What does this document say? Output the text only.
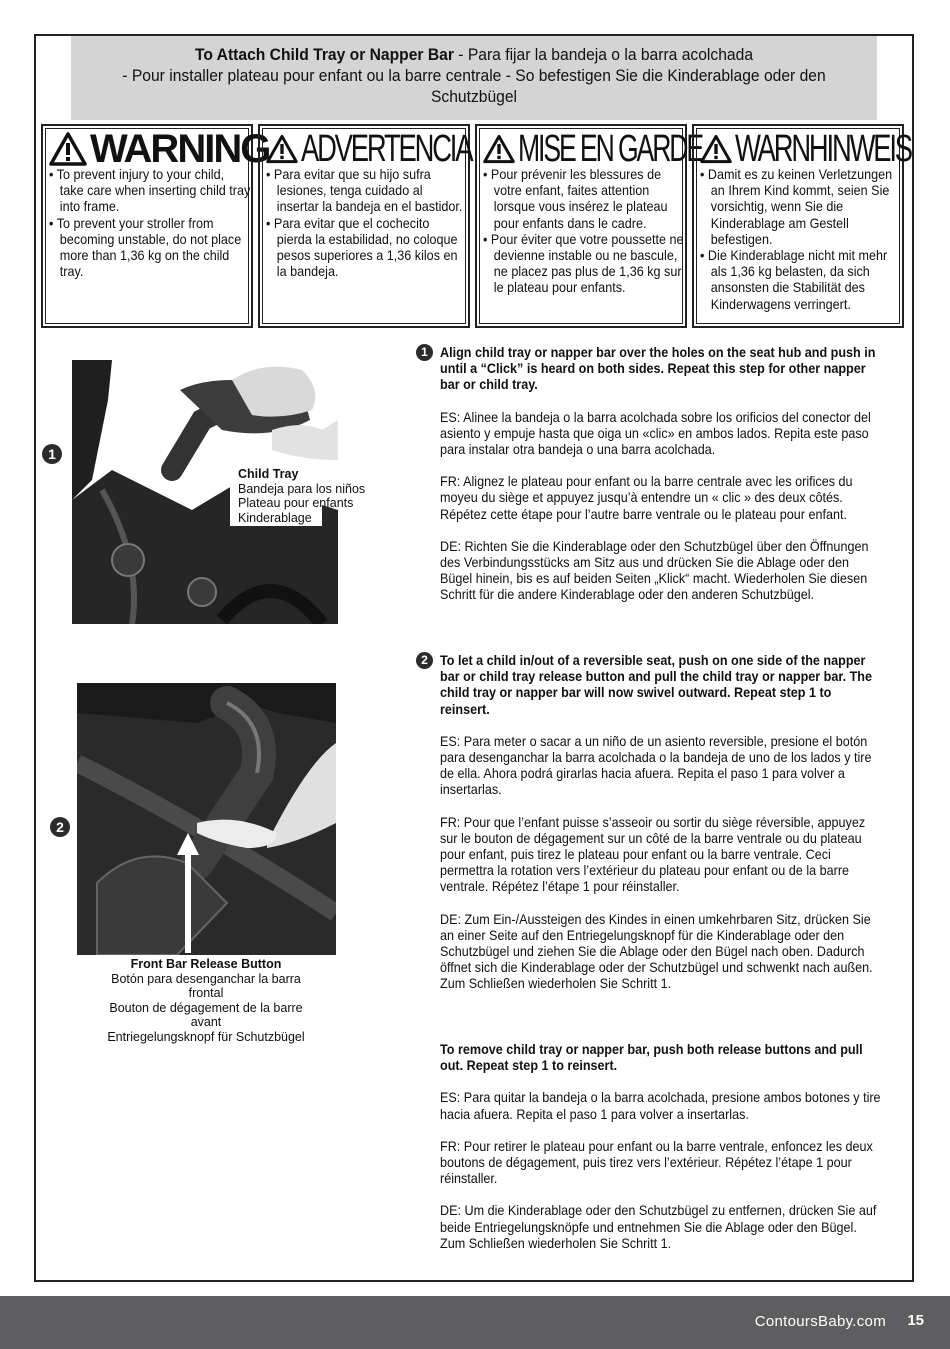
To Attach Child Tray or Napper Bar - Para fijar la bandeja o la barra acolchada
- Pour installer plateau pour enfant ou la barre centrale - So befestigen Sie die Kinderablage oder den
Schutzbügel
WARNING
• To prevent injury to your child, take care when inserting child tray into frame.
• To prevent your stroller from becoming unstable, do not place more than 1,36 kg on the child tray.
ADVERTENCIA
• Para evitar que su hijo sufra lesiones, tenga cuidado al insertar la bandeja en el bastidor.
• Para evitar que el cochecito pierda la estabilidad, no coloque pesos superiores a 1,36 kilos en la bandeja.
MISE EN GARDE
• Pour prévenir les blessures de votre enfant, faites attention lorsque vous insérez le plateau pour enfants dans le cadre.
• Pour éviter que votre poussette ne devienne instable ou ne bascule, ne placez pas plus de 1,36 kg sur le plateau pour enfants.
WARNHINWEIS
• Damit es zu keinen Verletzungen an Ihrem Kind kommt, seien Sie vorsichtig, wenn Sie die Kinderablage am Gestell befestigen.
• Die Kinderablage nicht mit mehr als 1,36 kg belasten, da sich ansonsten die Stabilität des Kinderwagens verringert.
1
Child Tray
Bandeja para los niños
Plateau pour enfants
Kinderablage
1 Align child tray or napper bar over the holes on the seat hub and push in until a “Click” is heard on both sides. Repeat this step for other napper bar or child tray.

ES: Alinee la bandeja o la barra acolchada sobre los orificios del conector del asiento y empuje hasta que oiga un «clic» en ambos lados. Repita este paso para instalar otra bandeja o una barra acolchada.

FR: Alignez le plateau pour enfant ou la barre centrale avec les orifices du moyeu du siège et appuyez jusqu’à entendre un « clic » des deux côtés. Répétez cette étape pour l’autre barre ventrale ou le plateau pour enfant.

DE: Richten Sie die Kinderablage oder den Schutzbügel über den Öffnungen des Verbindungsstücks am Sitz aus und drücken Sie die Ablage oder den Bügel hinein, bis es auf beiden Seiten „Klick“ macht. Wiederholen Sie diesen Schritt für die andere Kinderablage oder den anderen Schutzbügel.

2
Front Bar Release Button
Botón para desenganchar la barra frontal
Bouton de dégagement de la barre avant
Entriegelungsknopf für Schutzbügel
2 To let a child in/out of a reversible seat, push on one side of the napper bar or child tray release button and pull the child tray or napper bar. The child tray or napper bar will now swivel outward. Repeat step 1 to reinsert.

ES: Para meter o sacar a un niño de un asiento reversible, presione el botón para desenganchar la barra acolchada o la bandeja de uno de los lados y tire de ella. Ahora podrá girarlas hacia afuera. Repita el paso 1 para volver a insertarlas.

FR: Pour que l’enfant puisse s’asseoir ou sortir du siège réversible, appuyez sur le bouton de dégagement sur un côté de la barre ventrale ou du plateau pour enfant, puis tirez le plateau pour enfant ou la barre ventrale. Ceci permettra la rotation vers l’extérieur du plateau pour enfant ou de la barre ventrale. Répétez l’étape 1 pour réinstaller.

DE: Zum Ein-/Aussteigen des Kindes in einen umkehrbaren Sitz, drücken Sie an einer Seite auf den Entriegelungsknopf für die Kinderablage oder den Schutzbügel und ziehen Sie die Ablage oder den Bügel nach oben. Dadurch öffnet sich die Kinderablage oder der Schutzbügel und schwenkt nach außen. Zum Schließen wiederholen Sie Schritt 1.

To remove child tray or napper bar, push both release buttons and pull out. Repeat step 1 to reinsert.

ES: Para quitar la bandeja o la barra acolchada, presione ambos botones y tire hacia afuera. Repita el paso 1 para volver a insertarlas.

FR: Pour retirer le plateau pour enfant ou la barre ventrale, enfoncez les deux boutons de dégagement, puis tirez vers l’extérieur. Répétez l’étape 1 pour réinstaller.

DE: Um die Kinderablage oder den Schutzbügel zu entfernen, drücken Sie auf beide Entriegelungsknöpfe und entnehmen Sie die Ablage oder den Bügel. Zum Schließen wiederholen Sie Schritt 1.

ContoursBaby.com 15
